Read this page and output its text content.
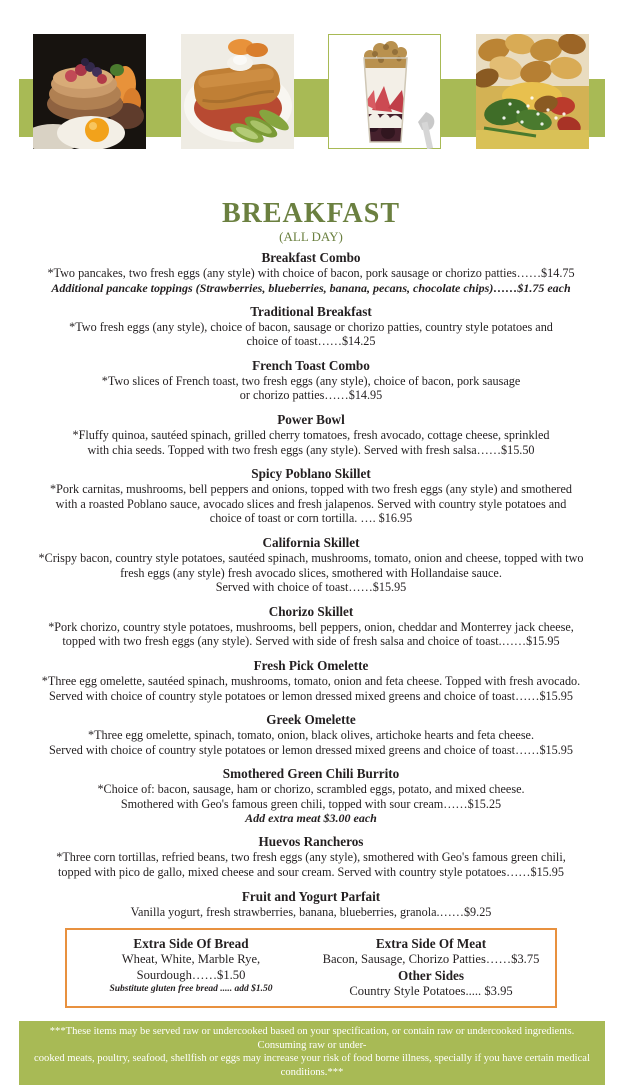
BREAKFAST
(ALL DAY)
Breakfast Combo
*Two pancakes, two fresh eggs (any style) with choice of bacon, pork sausage or chorizo patties……$14.75
Additional pancake toppings (Strawberries, blueberries, banana, pecans, chocolate chips)……$1.75 each
Traditional Breakfast
*Two fresh eggs (any style), choice of bacon, sausage or chorizo patties, country style potatoes and
choice of toast……$14.25
French Toast Combo
*Two slices of French toast, two fresh eggs (any style), choice of bacon, pork sausage
or chorizo patties……$14.95
Power Bowl
*Fluffy quinoa, sautéed spinach, grilled cherry tomatoes, fresh avocado, cottage cheese, sprinkled
with chia seeds. Topped with two fresh eggs (any style). Served with fresh salsa……$15.50
Spicy Poblano Skillet
*Pork carnitas, mushrooms, bell peppers and onions, topped with two fresh eggs (any style) and smothered
with a roasted Poblano sauce, avocado slices and fresh jalapenos. Served with country style potatoes and
choice of toast or corn tortilla. …. $16.95
California Skillet
*Crispy bacon, country style potatoes, sautéed spinach, mushrooms, tomato, onion and cheese, topped with two
fresh eggs (any style) fresh avocado slices, smothered with Hollandaise sauce.
Served with choice of toast……$15.95
Chorizo Skillet
*Pork chorizo, country style potatoes, mushrooms, bell peppers, onion, cheddar and Monterrey jack cheese,
topped with two fresh eggs (any style). Served with side of fresh salsa and choice of toast.……$15.95
Fresh Pick Omelette
*Three egg omelette, sautéed spinach, mushrooms, tomato, onion and feta cheese. Topped with fresh avocado.
Served with choice of country style potatoes or lemon dressed mixed greens and choice of toast……$15.95
Greek Omelette
*Three egg omelette, spinach, tomato, onion, black olives, artichoke hearts and feta cheese.
Served with choice of country style potatoes or lemon dressed mixed greens and choice of toast……$15.95
Smothered Green Chili Burrito
*Choice of: bacon, sausage, ham or chorizo, scrambled eggs, potato, and mixed cheese.
Smothered with Geo's famous green chili, topped with sour cream……$15.25
Add extra meat $3.00 each
Huevos Rancheros
*Three corn tortillas, refried beans, two fresh eggs (any style), smothered with Geo's famous green chili,
topped with pico de gallo, mixed cheese and sour cream. Served with country style potatoes……$15.95
Fruit and Yogurt Parfait
Vanilla yogurt, fresh strawberries, banana, blueberries, granola.……$9.25
Extra Side Of Bread
Wheat, White, Marble Rye,
Sourdough……$1.50
Substitute gluten free bread ..... add $1.50
Extra Side Of Meat
Bacon, Sausage, Chorizo Patties……$3.75
Other Sides
Country Style Potatoes..... $3.95
***These items may be served raw or undercooked based on your specification, or contain raw or undercooked ingredients. Consuming raw or under-
cooked meats, poultry, seafood, shellfish or eggs may increase your risk of food borne illness, specially if you have certain medical conditions.***
